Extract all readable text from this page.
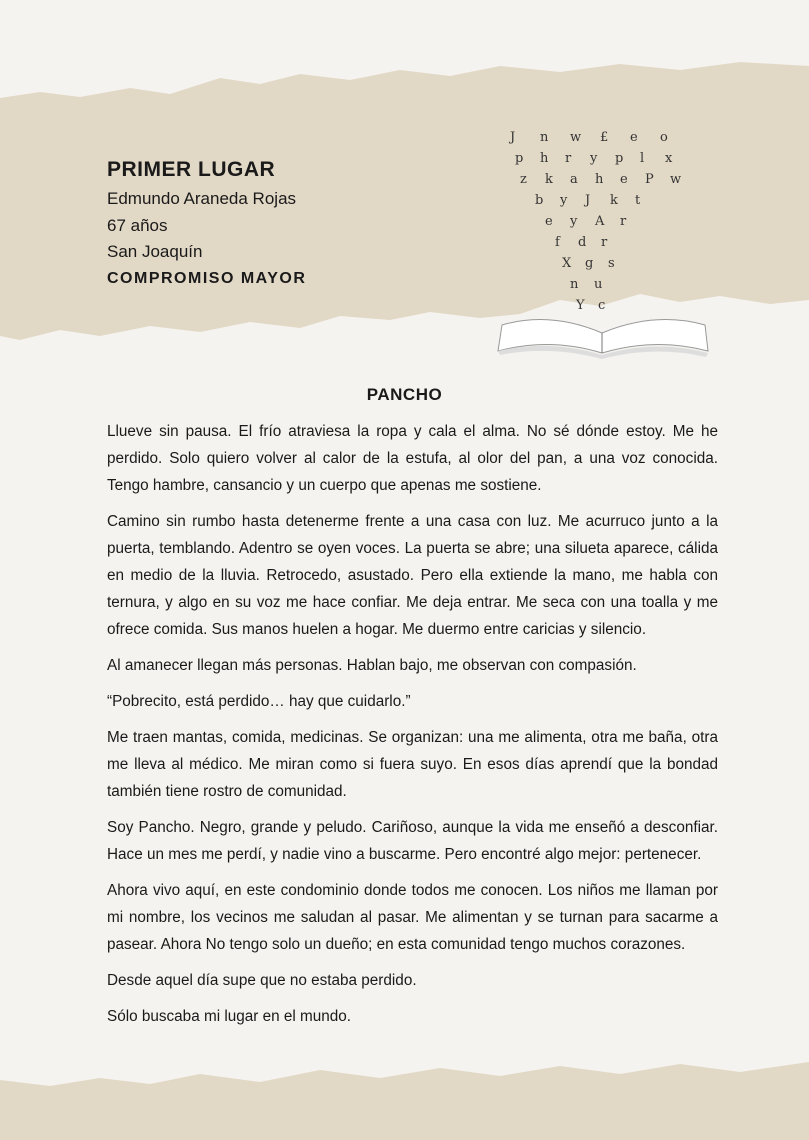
PRIMER LUGAR
Edmundo Araneda Rojas
67 años
San Joaquín
COMPROMISO MAYOR
J n w £ e o
p h r y p l x
z k a h e P w
b y J k t
e y A r
f d r
X g s
n u
Y c
PANCHO

Llueve sin pausa. El frío atraviesa la ropa y cala el alma. No sé dónde estoy. Me he perdido. Solo quiero volver al calor de la estufa, al olor del pan, a una voz conocida. Tengo hambre, cansancio y un cuerpo que apenas me sostiene.

Camino sin rumbo hasta detenerme frente a una casa con luz. Me acurruco junto a la puerta, temblando. Adentro se oyen voces. La puerta se abre; una silueta aparece, cálida en medio de la lluvia. Retrocedo, asustado. Pero ella extiende la mano, me habla con ternura, y algo en su voz me hace confiar. Me deja entrar. Me seca con una toalla y me ofrece comida. Sus manos huelen a hogar. Me duermo entre caricias y silencio.

Al amanecer llegan más personas. Hablan bajo, me observan con compasión.

“Pobrecito, está perdido… hay que cuidarlo.”

Me traen mantas, comida, medicinas. Se organizan: una me alimenta, otra me baña, otra me lleva al médico. Me miran como si fuera suyo. En esos días aprendí que la bondad también tiene rostro de comunidad.

Soy Pancho. Negro, grande y peludo. Cariñoso, aunque la vida me enseñó a desconfiar. Hace un mes me perdí, y nadie vino a buscarme. Pero encontré algo mejor: pertenecer.

Ahora vivo aquí, en este condominio donde todos me conocen. Los niños me llaman por mi nombre, los vecinos me saludan al pasar. Me alimentan y se turnan para sacarme a pasear. Ahora No tengo solo un dueño; en esta comunidad tengo muchos corazones.

Desde aquel día supe que no estaba perdido.

Sólo buscaba mi lugar en el mundo.
